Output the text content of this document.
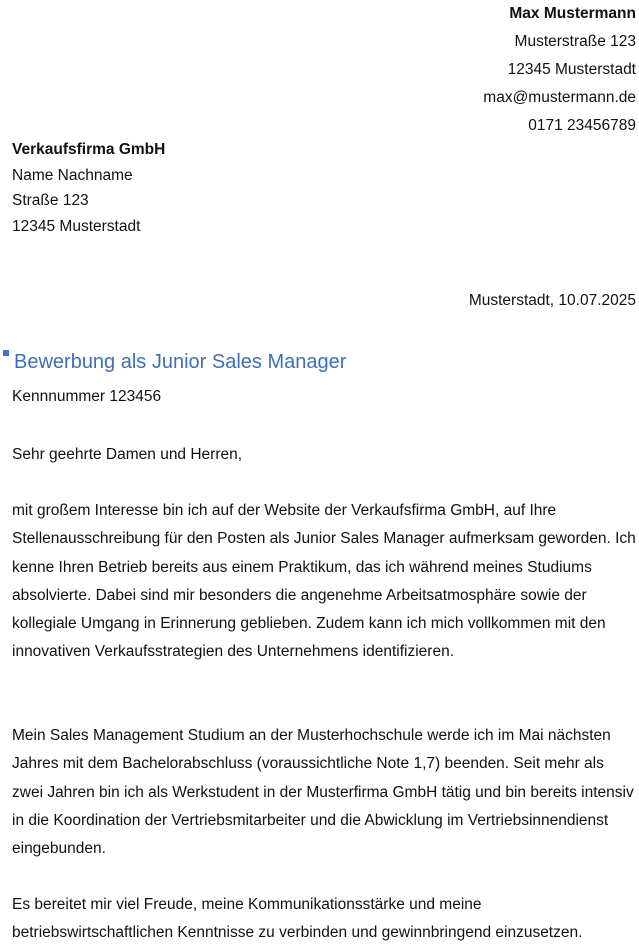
Max Mustermann
Musterstraße 123
12345 Musterstadt
max@mustermann.de
0171 23456789
Verkaufsfirma GmbH
Name Nachname
Straße 123
12345 Musterstadt
Musterstadt, 10.07.2025
Bewerbung als Junior Sales Manager
Kennnummer 123456
Sehr geehrte Damen und Herren,

mit großem Interesse bin ich auf der Website der Verkaufsfirma GmbH, auf Ihre Stellenausschreibung für den Posten als Junior Sales Manager aufmerksam geworden. Ich kenne Ihren Betrieb bereits aus einem Praktikum, das ich während meines Studiums absolvierte. Dabei sind mir besonders die angenehme Arbeitsatmosphäre sowie der kollegiale Umgang in Erinnerung geblieben. Zudem kann ich mich vollkommen mit den innovativen Verkaufsstrategien des Unternehmens identifizieren.

Mein Sales Management Studium an der Musterhochschule werde ich im Mai nächsten Jahres mit dem Bachelorabschluss (voraussichtliche Note 1,7) beenden. Seit mehr als zwei Jahren bin ich als Werkstudent in der Musterfirma GmbH tätig und bin bereits intensiv in die Koordination der Vertriebsmitarbeiter und die Abwicklung im Vertriebsinnendienst eingebunden.

Es bereitet mir viel Freude, meine Kommunikationsstärke und meine betriebswirtschaftlichen Kenntnisse zu verbinden und gewinnbringend einzusetzen.
